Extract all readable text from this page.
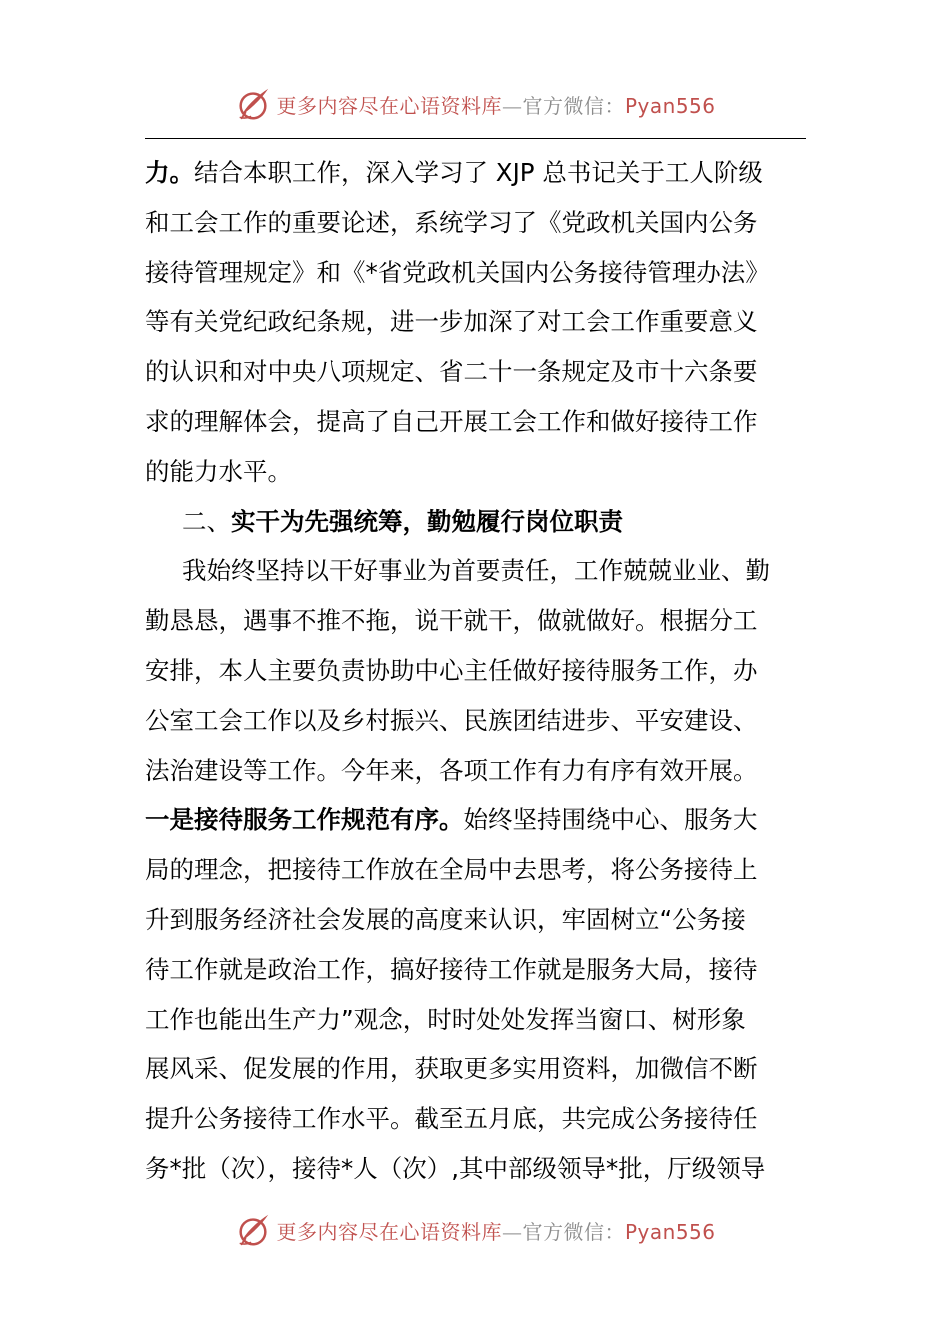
更多内容尽在心语资料库—官方微信：Pyan556
力。结合本职工作，深入学习了 XJP 总书记关于工人阶级
和工会工作的重要论述，系统学习了《党政机关国内公务
接待管理规定》和《*省党政机关国内公务接待管理办法》
等有关党纪政纪条规，进一步加深了对工会工作重要意义
的认识和对中央八项规定、省二十一条规定及市十六条要
求的理解体会，提高了自己开展工会工作和做好接待工作
的能力水平。
二、实干为先强统筹，勤勉履行岗位职责
我始终坚持以干好事业为首要责任，工作兢兢业业、勤
勤恳恳，遇事不推不拖，说干就干，做就做好。根据分工
安排，本人主要负责协助中心主任做好接待服务工作，办
公室工会工作以及乡村振兴、民族团结进步、平安建设、
法治建设等工作。今年来，各项工作有力有序有效开展。
一是接待服务工作规范有序。始终坚持围绕中心、服务大
局的理念，把接待工作放在全局中去思考，将公务接待上
升到服务经济社会发展的高度来认识，牢固树立“公务接
待工作就是政治工作，搞好接待工作就是服务大局，接待
工作也能出生产力”观念，时时处处发挥当窗口、树形象
展风采、促发展的作用，获取更多实用资料，加微信不断
提升公务接待工作水平。截至五月底，共完成公务接待任
务*批（次），接待*人（次）,其中部级领导*批，厅级领导
更多内容尽在心语资料库—官方微信：Pyan556
